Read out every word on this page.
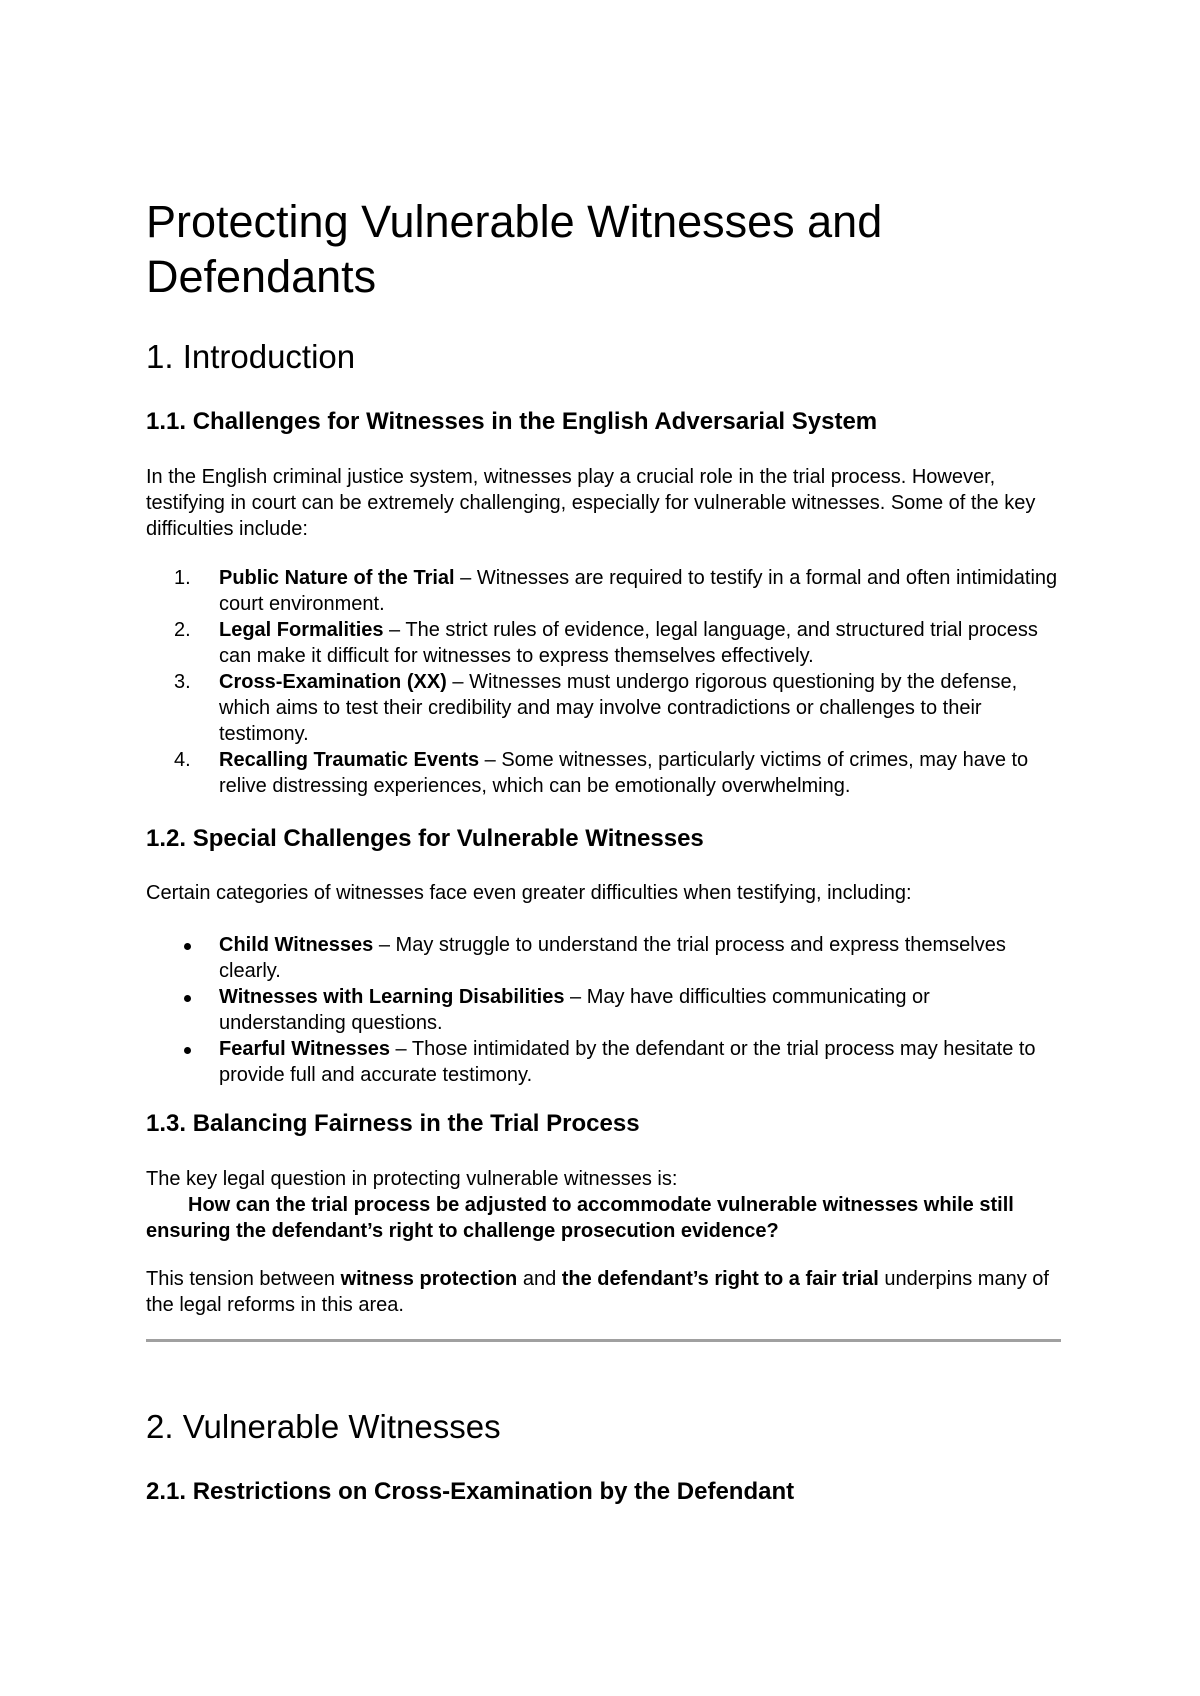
Protecting Vulnerable Witnesses and Defendants
1. Introduction
1.1. Challenges for Witnesses in the English Adversarial System

In the English criminal justice system, witnesses play a crucial role in the trial process. However, testifying in court can be extremely challenging, especially for vulnerable witnesses. Some of the key difficulties include:

1.	Public Nature of the Trial – Witnesses are required to testify in a formal and often intimidating court environment.
2.	Legal Formalities – The strict rules of evidence, legal language, and structured trial process can make it difficult for witnesses to express themselves effectively.
3.	Cross-Examination (XX) – Witnesses must undergo rigorous questioning by the defense, which aims to test their credibility and may involve contradictions or challenges to their testimony.
4.	Recalling Traumatic Events – Some witnesses, particularly victims of crimes, may have to relive distressing experiences, which can be emotionally overwhelming.
1.2. Special Challenges for Vulnerable Witnesses

Certain categories of witnesses face even greater difficulties when testifying, including:

Child Witnesses – May struggle to understand the trial process and express themselves clearly.
Witnesses with Learning Disabilities – May have difficulties communicating or understanding questions.
Fearful Witnesses – Those intimidated by the defendant or the trial process may hesitate to provide full and accurate testimony.
1.3. Balancing Fairness in the Trial Process

The key legal question in protecting vulnerable witnesses is:
How can the trial process be adjusted to accommodate vulnerable witnesses while still ensuring the defendant’s right to challenge prosecution evidence?

This tension between witness protection and the defendant’s right to a fair trial underpins many of the legal reforms in this area.

2. Vulnerable Witnesses
2.1. Restrictions on Cross-Examination by the Defendant
